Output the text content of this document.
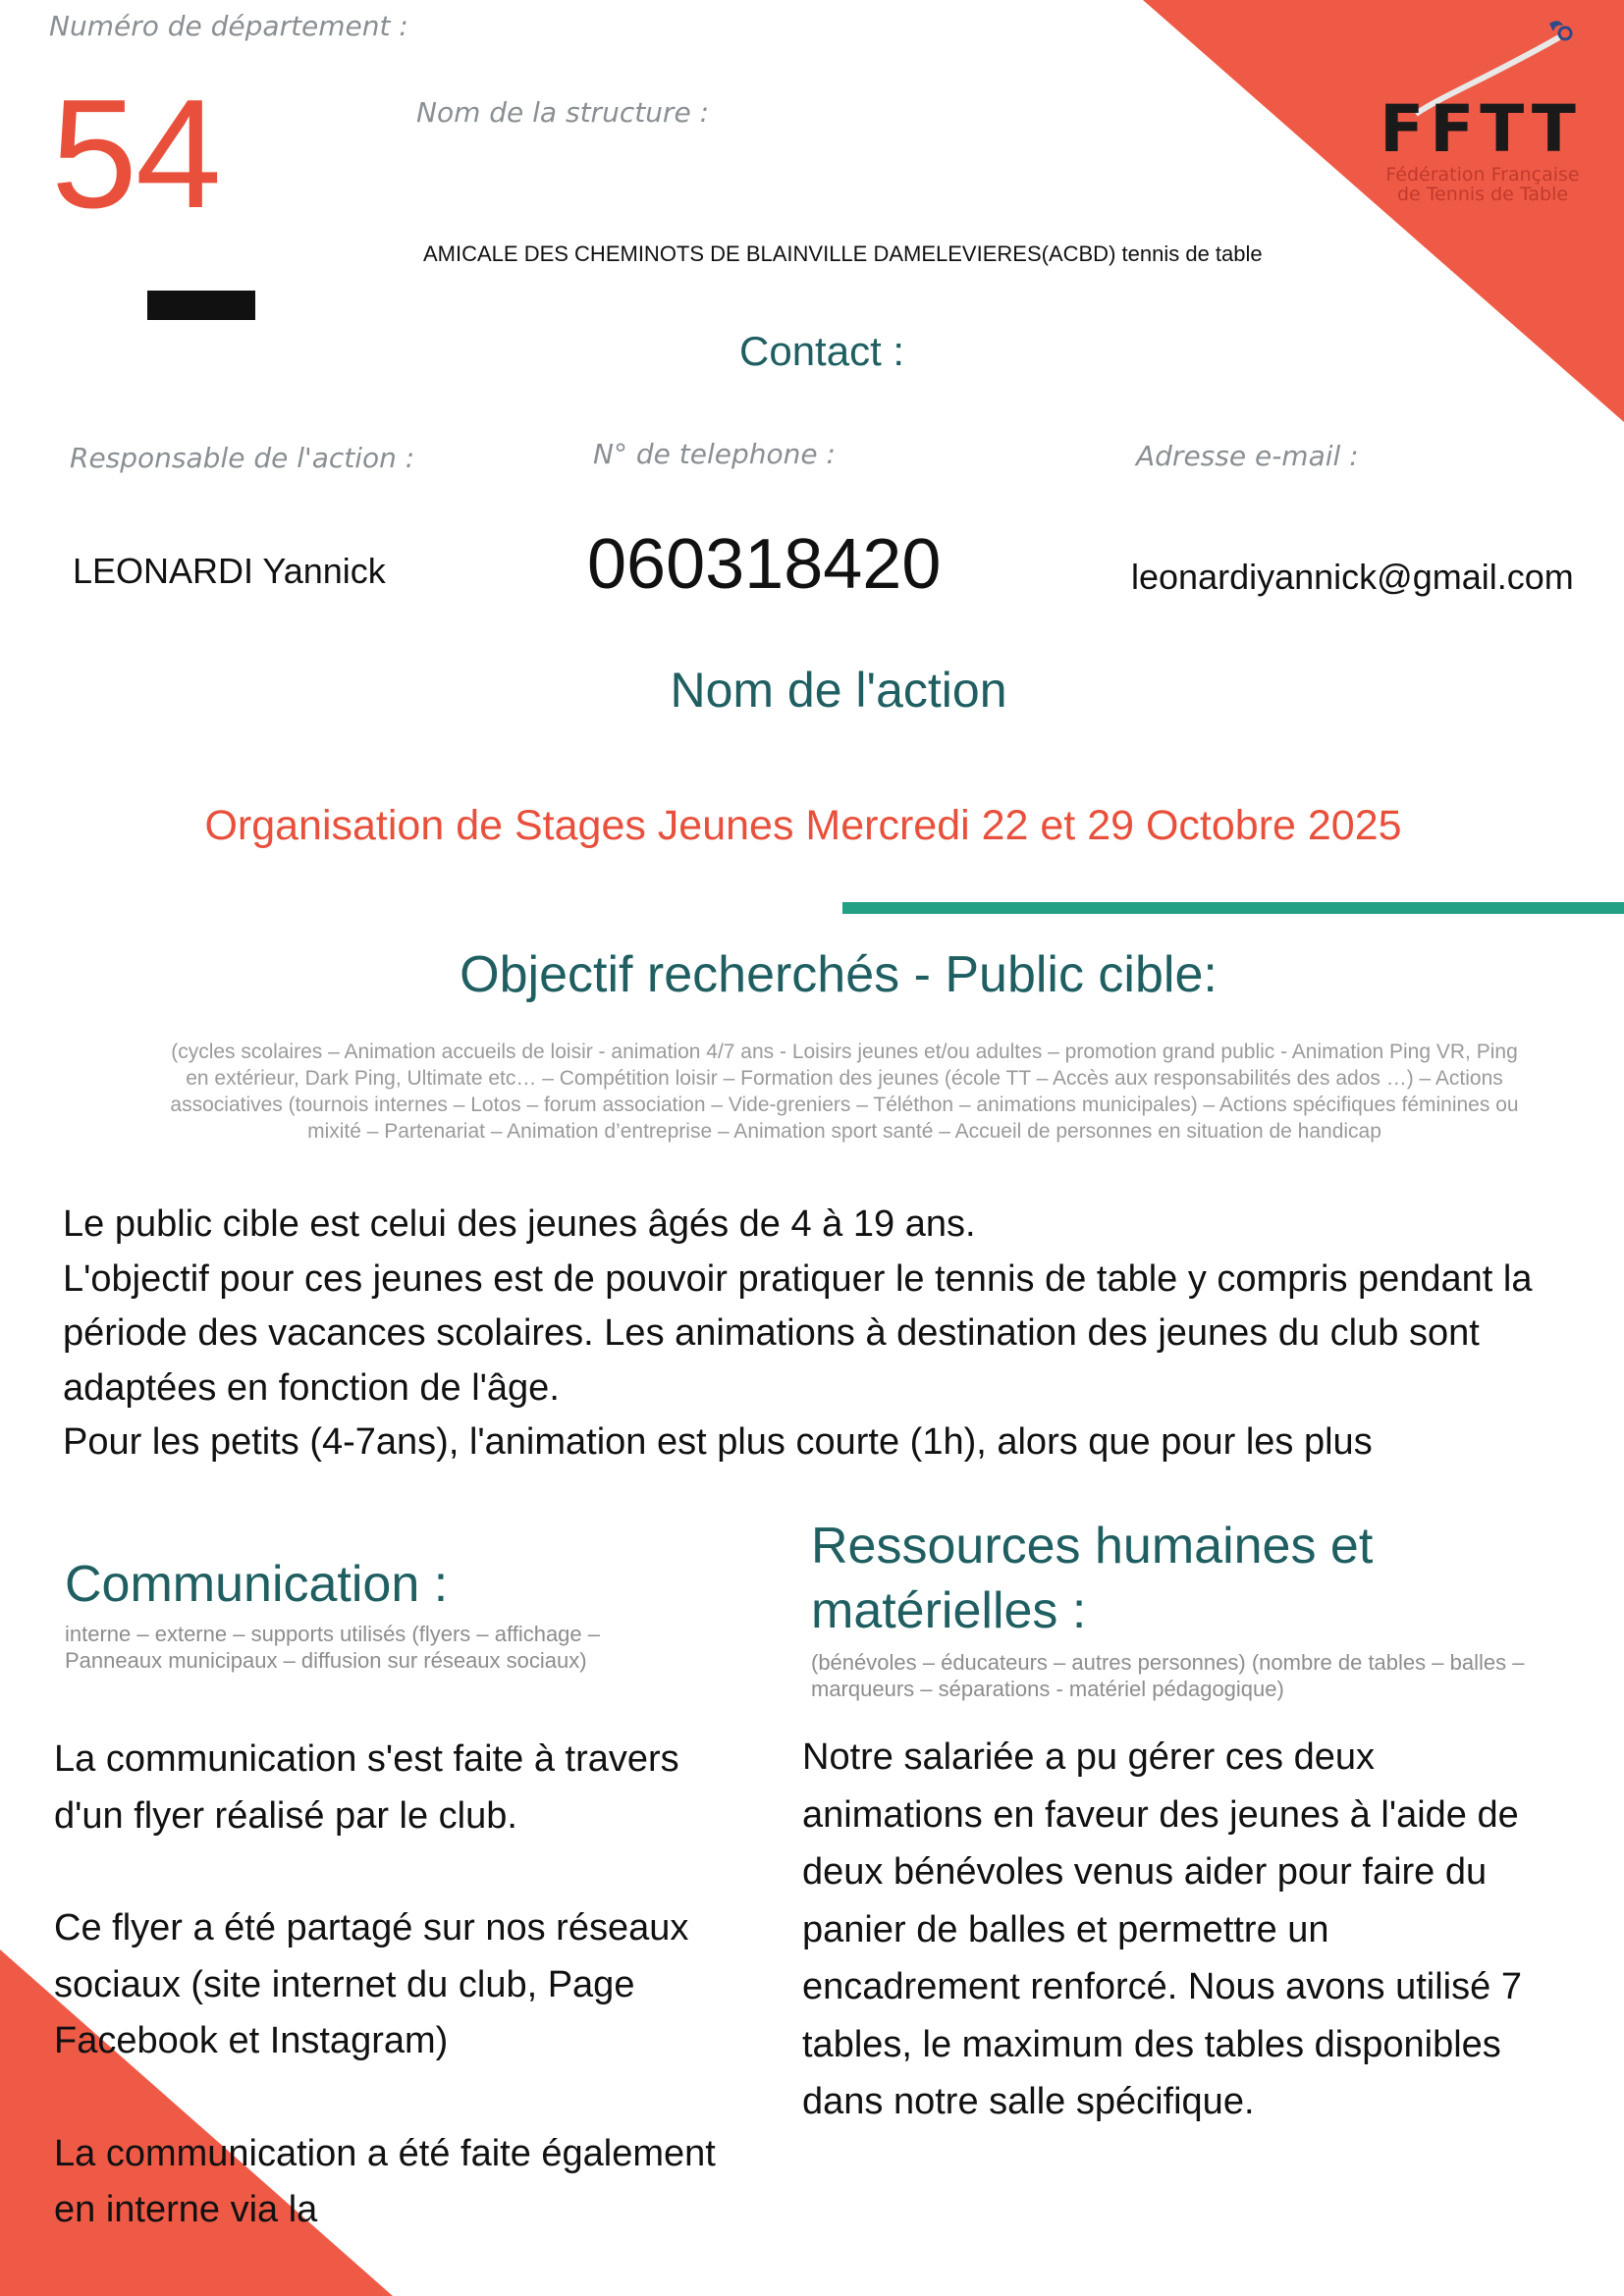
FFTT
Fédération Française
de Tennis de Table
Numéro de département :
54	Nom de la structure :
AMICALE DES CHEMINOTS DE BLAINVILLE DAMELEVIERES(ACBD) tennis de table
Contact :
Responsable de l'action :	N° de telephone :	Adresse e-mail :
LEONARDI Yannick	060318420	leonardiyannick@gmail.com
Nom de l'action
Organisation de Stages Jeunes Mercredi 22 et 29 Octobre 2025
Objectif recherchés - Public cible:
(cycles scolaires – Animation accueils de loisir - animation 4/7 ans - Loisirs jeunes et/ou adultes – promotion grand public - Animation Ping VR, Ping en extérieur, Dark Ping, Ultimate etc… – Compétition loisir – Formation des jeunes (école TT – Accès aux responsabilités des ados …) – Actions associatives (tournois internes – Lotos – forum association – Vide-greniers – Téléthon – animations municipales) – Actions spécifiques féminines ou mixité – Partenariat – Animation d’entreprise – Animation sport santé – Accueil de personnes en situation de handicap

Le public cible est celui des jeunes âgés de 4 à 19 ans.

L'objectif pour ces jeunes est de pouvoir pratiquer le tennis de table y compris pendant la période des vacances scolaires. Les animations à destination des jeunes du club sont adaptées en fonction de l'âge.

Pour les petits (4-7ans), l'animation est plus courte (1h), alors que pour les plus

Communication :
interne – externe – supports utilisés (flyers – affichage – Panneaux municipaux – diffusion sur réseaux sociaux)

La communication s'est faite à travers d'un flyer réalisé par le club.

Ce flyer a été partagé sur nos réseaux sociaux (site internet du club, Page Facebook et Instagram)

La communication a été faite également en interne via la

Ressources humaines et matérielles :
(bénévoles – éducateurs – autres personnes) (nombre de tables – balles – marqueurs – séparations - matériel pédagogique)
Notre salariée a pu gérer ces deux animations en faveur des jeunes à l'aide de deux bénévoles venus aider pour faire du panier de balles et permettre un encadrement renforcé. Nous avons utilisé 7 tables, le maximum des tables disponibles dans notre salle spécifique.
